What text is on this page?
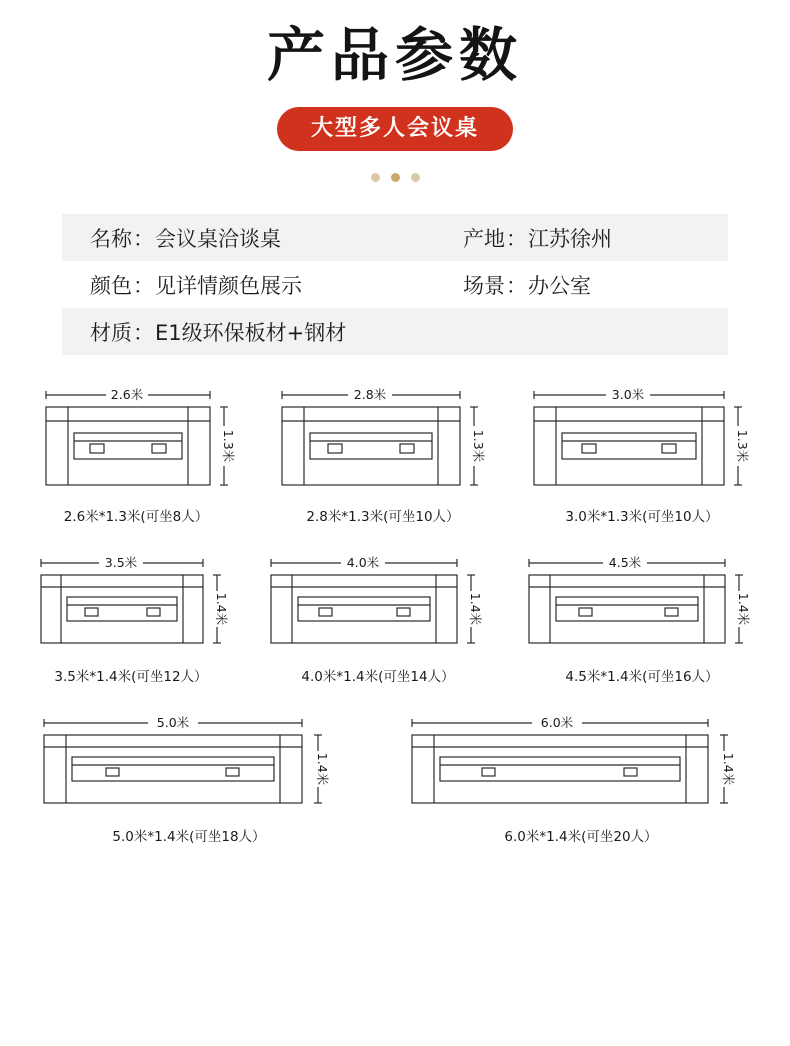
产品参数
大型多人会议桌
名称 ： 会议桌洽谈桌	产地 ： 江苏徐州
颜色 ： 见详情颜色展示	场景 ： 办公室
材质 ： E1级环保板材+钢材
2.6米
1.3米
2.6米*1.3米(可坐8人）
2.8米
1.3米
2.8米*1.3米(可坐10人）
3.0米
1.3米
3.0米*1.3米(可坐10人）
3.5米
1.4米
3.5米*1.4米(可坐12人）
4.0米
1.4米
4.0米*1.4米(可坐14人）
4.5米
1.4米
4.5米*1.4米(可坐16人）
5.0米
1.4米
5.0米*1.4米(可坐18人）
6.0米
1.4米
6.0米*1.4米(可坐20人）
